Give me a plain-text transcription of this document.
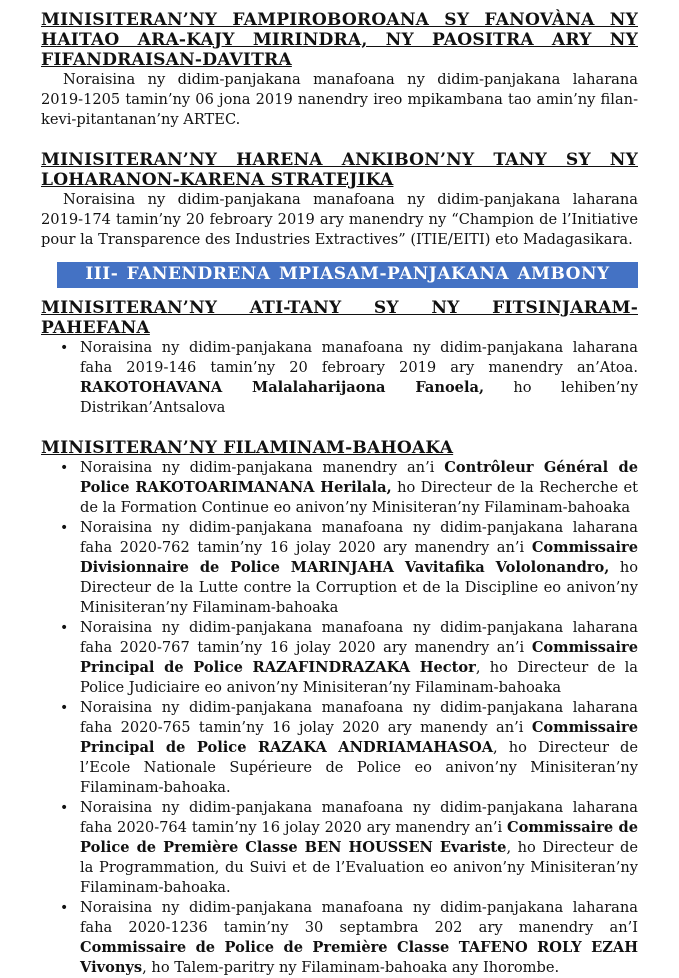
MINISITERAN’NY FAMPIROBOROANA SY FANOVÀNA NY HAITAO ARA-KAJY MIRINDRA, NY PAOSITRA ARY NY FIFANDRAISAN-DAVITRA

Noraisina ny didim-panjakana manafoana ny didim-panjakana laharana 2019-1205 tamin’ny 06 jona 2019 nanendry ireo mpikambana tao amin’ny filan-kevi-pitantanan’ny ARTEC.

MINISITERAN’NY HARENA ANKIBON’NY TANY SY NY LOHARANON-KARENA STRATEJIKA

Noraisina ny didim-panjakana manafoana ny didim-panjakana laharana 2019-174 tamin’ny 20 febroary 2019 ary manendry ny “Champion de l’Initiative pour la Transparence des Industries Extractives” (ITIE/EITI) eto Madagasikara.

III- FANENDRENA MPIASAM-PANJAKANA AMBONY
MINISITERAN’NY ATI-TANY SY NY FITSINJARAM-PAHEFANA
• Noraisina ny didim-panjakana manafoana ny didim-panjakana laharana faha 2019-146 tamin’ny 20 febroary 2019 ary manendry an’Atoa. RAKOTOHAVANA Malalaharijaona Fanoela, ho lehiben’ny Distrikan’Antsalova
MINISITERAN’NY FILAMINAM-BAHOAKA
• Noraisina ny didim-panjakana manendry an’i Contrôleur Général de Police RAKOTOARIMANANA Herilala, ho Directeur de la Recherche et de la Formation Continue eo anivon’ny Minisiteran’ny Filaminam-bahoaka
• Noraisina ny didim-panjakana manafoana ny didim-panjakana laharana faha 2020-762 tamin’ny 16 jolay 2020 ary manendry an’i Commissaire Divisionnaire de Police MARINJAHA Vavitafika Vololonandro, ho Directeur de la Lutte contre la Corruption et de la Discipline eo anivon’ny Minisiteran’ny Filaminam-bahoaka
• Noraisina ny didim-panjakana manafoana ny didim-panjakana laharana faha 2020-767 tamin’ny 16 jolay 2020 ary manendry an’i Commissaire Principal de Police RAZAFINDRAZAKA Hector, ho Directeur de la Police Judiciaire eo anivon’ny Minisiteran’ny Filaminam-bahoaka
• Noraisina ny didim-panjakana manafoana ny didim-panjakana laharana faha 2020-765 tamin’ny 16 jolay 2020 ary manendy an’i Commissaire Principal de Police RAZAKA ANDRIAMAHASOA, ho Directeur de l’Ecole Nationale Supérieure de Police eo anivon’ny Minisiteran’ny Filaminam-bahoaka.
• Noraisina ny didim-panjakana manafoana ny didim-panjakana laharana faha 2020-764 tamin’ny 16 jolay 2020 ary manendry an’i Commissaire de Police de Première Classe BEN HOUSSEN Evariste, ho Directeur de la Programmation, du Suivi et de l’Evaluation eo anivon’ny Minisiteran’ny Filaminam-bahoaka.
• Noraisina ny didim-panjakana manafoana ny didim-panjakana laharana faha 2020-1236 tamin’ny 30 septambra 202 ary manendry an’I Commissaire de Police de Première Classe TAFENO ROLY EZAH Vivonys, ho Talem-paritry ny Filaminam-bahoaka any Ihorombe.
